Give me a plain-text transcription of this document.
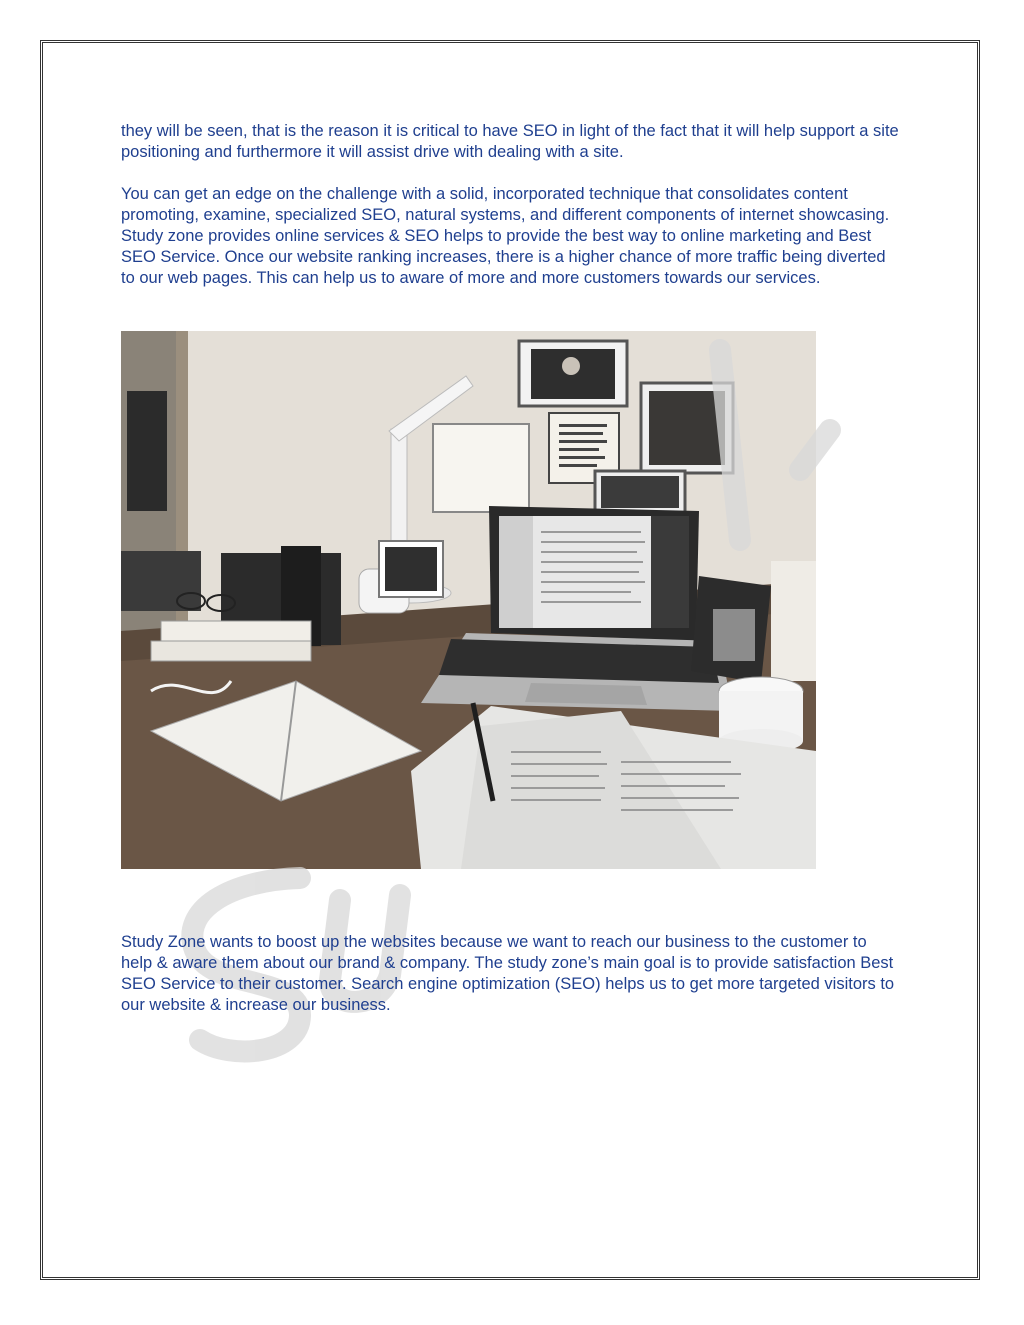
they will be seen, that is the reason it is critical to have SEO in light of the fact that it will help support a site positioning and furthermore it will assist drive with dealing with a site.

You can get an edge on the challenge with a solid, incorporated technique that consolidates content promoting, examine, specialized SEO, natural systems, and different components of internet showcasing. Study zone provides online services & SEO helps to provide the best way to online marketing and Best SEO Service. Once our website ranking increases, there is a higher chance of more traffic being diverted to our web pages. This can help us to aware of more and more customers towards our services.

Study Zone wants to boost up the websites because we want to reach our business to the customer to help & aware them about our brand & company. The study zone’s main goal is to provide satisfaction Best SEO Service to their customer. Search engine optimization (SEO) helps us to get more targeted visitors to our website & increase our business.
